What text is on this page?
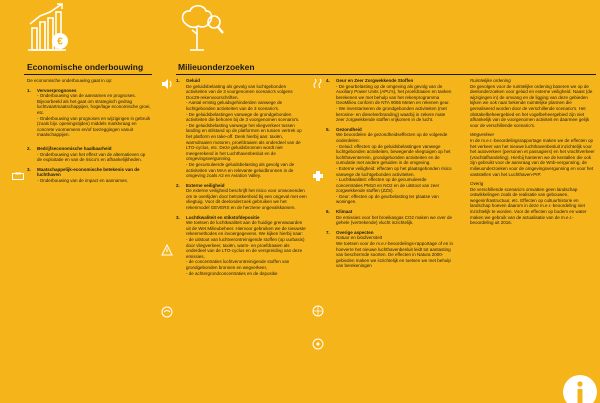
€
Economische onderbouwing	Milieuonderzoeken

De economische onderbouwing gaat in op:

1. Vervoerprognoses
- Onderbouwing van de aannames en prognoses. Bijvoorbeeld als het gaat om strategisch gedrag luchtvaartmaatschappijen, hoge/lage economische groei, etc.
- Onderbouwing van prognoses en wijzigingen in gebruik (zoals bijv. openingstijden) middels marktvraag en concrete voornemens en/of toezeggingen vanuit maatschappijen.
2. Bedrijfseconomische haalbaarheid
- Onderbouwing van het effect van de alternatieven op de exploitatie en van de risico's en afhankelijkheden.
3. Maatschappelijk-economische betekenis van de luchthaven
- Onderbouwing van de impact en aannames.
1. Geluid
De geluidsbelasting als gevolg van luchtgebonden activiteiten van de 3 voorgenomen scenario's volgens Doc29-rekenvoorschriften.
- Aantal ernstig geluidsgehinderden vanwege de luchtgebonden activiteiten van de 3 scenario's.
- De geluidsbelastingen vanwege de grondgebonden activiteiten die behoren bij de 3 voorgenomen scenario's.
- De geluidsbelasting vanwege het vliegverkeer tussen landing en stilstand op de platformen en tussen vertrek op het platform en take-off. Denk hierbij aan: taxiën, warmdraaien motoren, proefdraaien als onderdeel van de LTO-cyclus, etc. Deze geluidsbronnen wordt niet meegerekend in het Luchthavenbesluit en de omgevingsvergunning.
- De gecumuleerde geluidsbelasting als gevolg van de activiteiten van MAA en relevante geluidbronnen in de omgeving zoals A2 en Aviation Valley.
2. Externe veiligheid
De externe veiligheid beschrijft het risico voor omwonenden om te overlijden door betrokkenheid bij een ongeval met een vliegtuig. Voor dit deelonderzoek gebruiken we het rekenmodel GEVERS en de herziene ongevalskansen.
3. Luchtkwaliteit en stikstofdepositie
We toetsen de luchtkwaliteit aan de huidige grenswaarden uit de Wet Milieubeheer. Hiervoor gebruiken we de nieuwste rekenmethodes en invoergegevens. We kijken hierbij naar:
- de uitstoot van luchtverontreinigende stoffen (op uurbasis) door vliegverkeer, taxiën, warm- en proefdraaien als onderdeel van de LTO-cyclus en de verspreiding van deze emissies,
- de concentraties luchtverontreinigende stoffen van grondgebonden bronnen en wegverkeer,
- de achtergrondconcentraties en de depositie
4. Geur en Zeer Zorgwekkende Stoffen
- De geurbelasting op de omgeving als gevolg van de Auxiliary Power Units (APU's), het proefdraaien en tanken berekenen we met behulp van het rekenprogramma GeoMilieu conform de NTA 9065 Meten en rekenen geur.
- We inventariseren de grondgebonden activiteiten (met kerosine- en dieselverbranding) waarbij in zekere mate zeer zorgwekkende stoffen vrijkomen in de lucht.
5. Gezondheid
We beoordelen de gezondheidseffecten op de volgende onderdelen:
- Geluid: effecten op de geluidsbelastingen vanwege luchtgebonden activiteiten, bewegende vliegtuigen op het luchthaventerrein, grondgebonden activiteiten en de cumulatie met andere geluiden in de omgeving.
- Externe veiligheid: effecten op het plaatsgebonden risico vanwege de luchtgebonden activiteiten.
- Luchtkwaliteit: effecten op de gecumuleerde concentraties PM10 en NO2 en de uitstoot van zeer zorgwekkende stoffen (ZZS).
- Geur: effecten op de geurbelasting ter plaatse van woningen.
6. Klimaat
De emissies voor het broeikasgas CO2 maken we over de gehele (vertrekende) vlucht inzichtelijk.
7. Overige aspecten
Natuur en biodiversiteit
We toetsen voor de m.e.r-beoordelings-rapportage of en in hoeverre het nieuwe luchthavenbesluit leidt tot aantasting van beschermde soorten. De effecten in Natura 2000-gebieden maken we inzichtelijk en toetsen we met behulp van berekeningen

Ruimtelijke ordening

De gevolgen voor de ruimtelijke ordening baseren we op de deelonderzoeken voor geluid en externe veiligheid. Naast (de wijzigingen in) de omvang en de ligging van deze gebieden kijken we ook naar bekende ruimtelijke plannen die gerealiseerd worden door de verschillende scenario's. Het obstakelbeheergebied en het vogelbeheergebied zijn niet afhankelijk van de voorgenomen activiteit en daarmee gelijk voor de verschillende scenario's.

Wegverkeer

In de m.e.r.-beoordelingsrapportage maken we de effecten op het verkeer van het nieuwe luchthavenbesluit inzichtelijk voor het autoverkeer (personen et passagiers) en het vrachtverkeer (vrachtafhandeling). Hierbij hanteren we de kentallen die ook zijn gebruikt voor de aanvraag van de Wnb-vergunning, de milieuonderzoeken voor de omgevingsvergunning en voor het vaststellen van het Luchthaven-PIP.

Overig

De verschillende scenario's omvatten geen landschap ontwikkelingen zoals de realisatie van gebouwen, wegeninfrastructuur, etc. Effecten op cultuurhistorie en landschap hoeven daarom in deze m.e.r.-beoordeling niet inzichtelijk te worden. Voor de effecten op bodem en water maken we gebruik van de actualisatie van de m.e.r.-beoordeling uit 2016.
